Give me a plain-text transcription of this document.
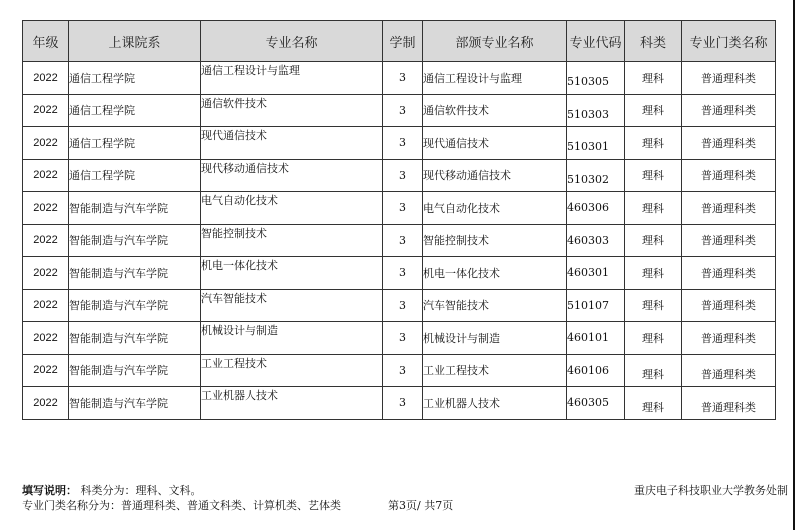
年级	上课院系	专业名称	学制	部颁专业名称	专业代码	科类	专业门类名称
2022	通信工程学院	通信工程设计与监理	3	通信工程设计与监理	510305	理科	普通理科类
2022	通信工程学院	通信软件技术	3	通信软件技术	510303	理科	普通理科类
2022	通信工程学院	现代通信技术	3	现代通信技术	510301	理科	普通理科类
2022	通信工程学院	现代移动通信技术	3	现代移动通信技术	510302	理科	普通理科类
2022	智能制造与汽车学院	电气自动化技术	3	电气自动化技术	460306	理科	普通理科类
2022	智能制造与汽车学院	智能控制技术	3	智能控制技术	460303	理科	普通理科类
2022	智能制造与汽车学院	机电一体化技术	3	机电一体化技术	460301	理科	普通理科类
2022	智能制造与汽车学院	汽车智能技术	3	汽车智能技术	510107	理科	普通理科类
2022	智能制造与汽车学院	机械设计与制造	3	机械设计与制造	460101	理科	普通理科类
2022	智能制造与汽车学院	工业工程技术	3	工业工程技术	460106	理科	普通理科类
2022	智能制造与汽车学院	工业机器人技术	3	工业机器人技术	460305	理科	普通理科类
填写说明： 科类分为：理科、文科。
专业门类名称分为：普通理科类、普通文科类、计算机类、艺体类	第3页/ 共7页
重庆电子科技职业大学教务处制
